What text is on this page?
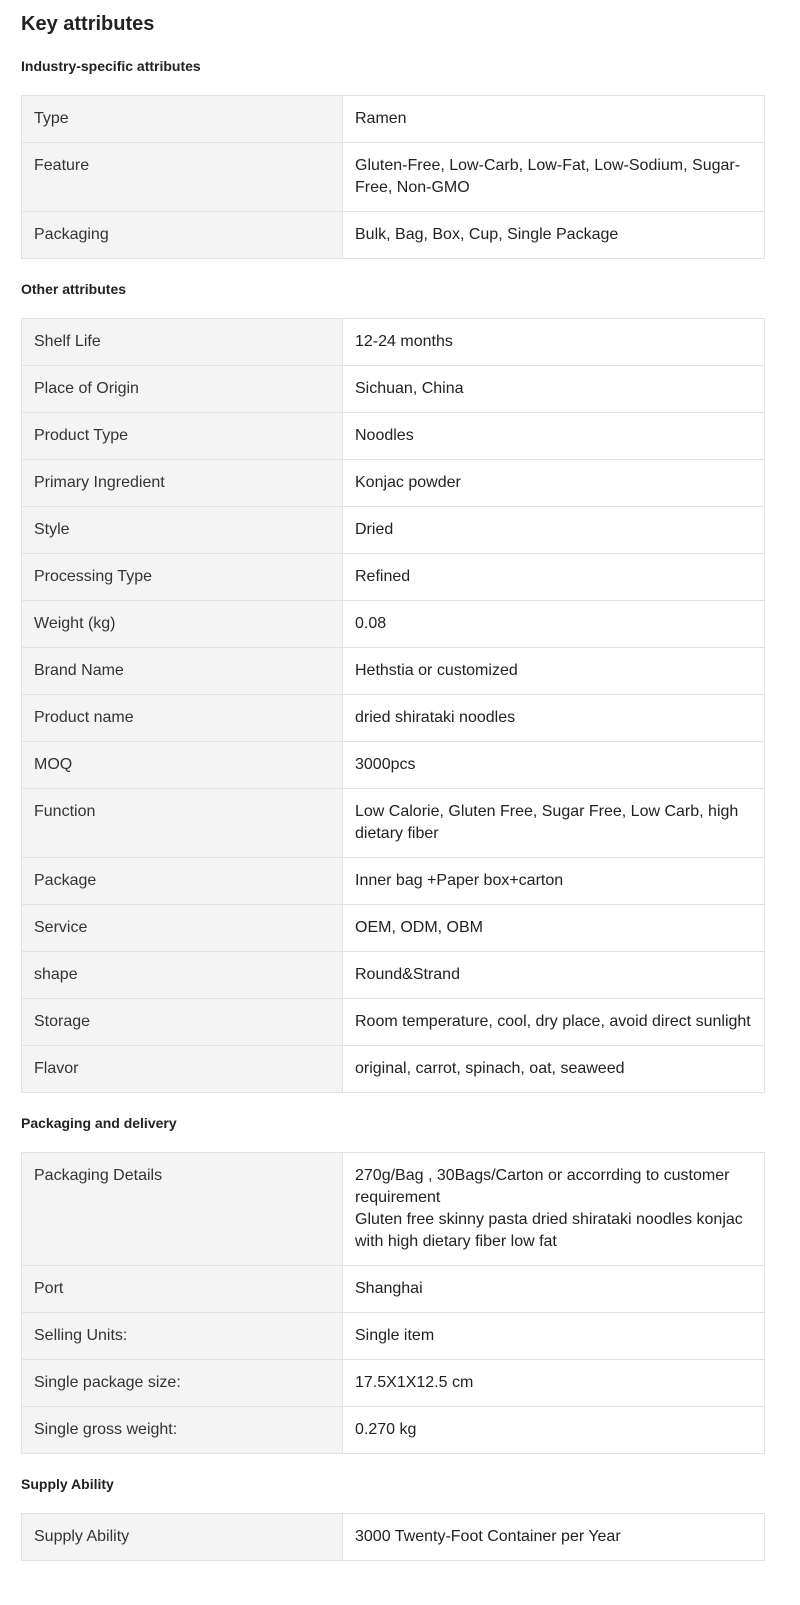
Key attributes
Industry-specific attributes
Type	Ramen

Feature	Gluten-Free, Low-Carb, Low-Fat, Low-Sodium, Sugar-Free, Non-GMO

Packaging	Bulk, Bag, Box, Cup, Single Package
Other attributes
Shelf Life	12-24 months

Place of Origin	Sichuan, China

Product Type	Noodles

Primary Ingredient	Konjac powder

Style	Dried

Processing Type	Refined

Weight (kg)	0.08

Brand Name	Hethstia or customized

Product name	dried shirataki noodles

MOQ	3000pcs

Function	Low Calorie, Gluten Free, Sugar Free, Low Carb, high dietary fiber

Package	Inner bag +Paper box+carton

Service	OEM, ODM, OBM

shape	Round&Strand

Storage	Room temperature, cool, dry place, avoid direct sunlight

Flavor	original, carrot, spinach, oat, seaweed
Packaging and delivery
Packaging Details	270g/Bag , 30Bags/Carton or accorrding to customer requirement
Gluten free skinny pasta dried shirataki noodles konjac with high dietary fiber low fat

Port	Shanghai

Selling Units:	Single item

Single package size:	17.5X1X12.5 cm

Single gross weight:	0.270 kg
Supply Ability
Supply Ability	3000 Twenty-Foot Container per Year
